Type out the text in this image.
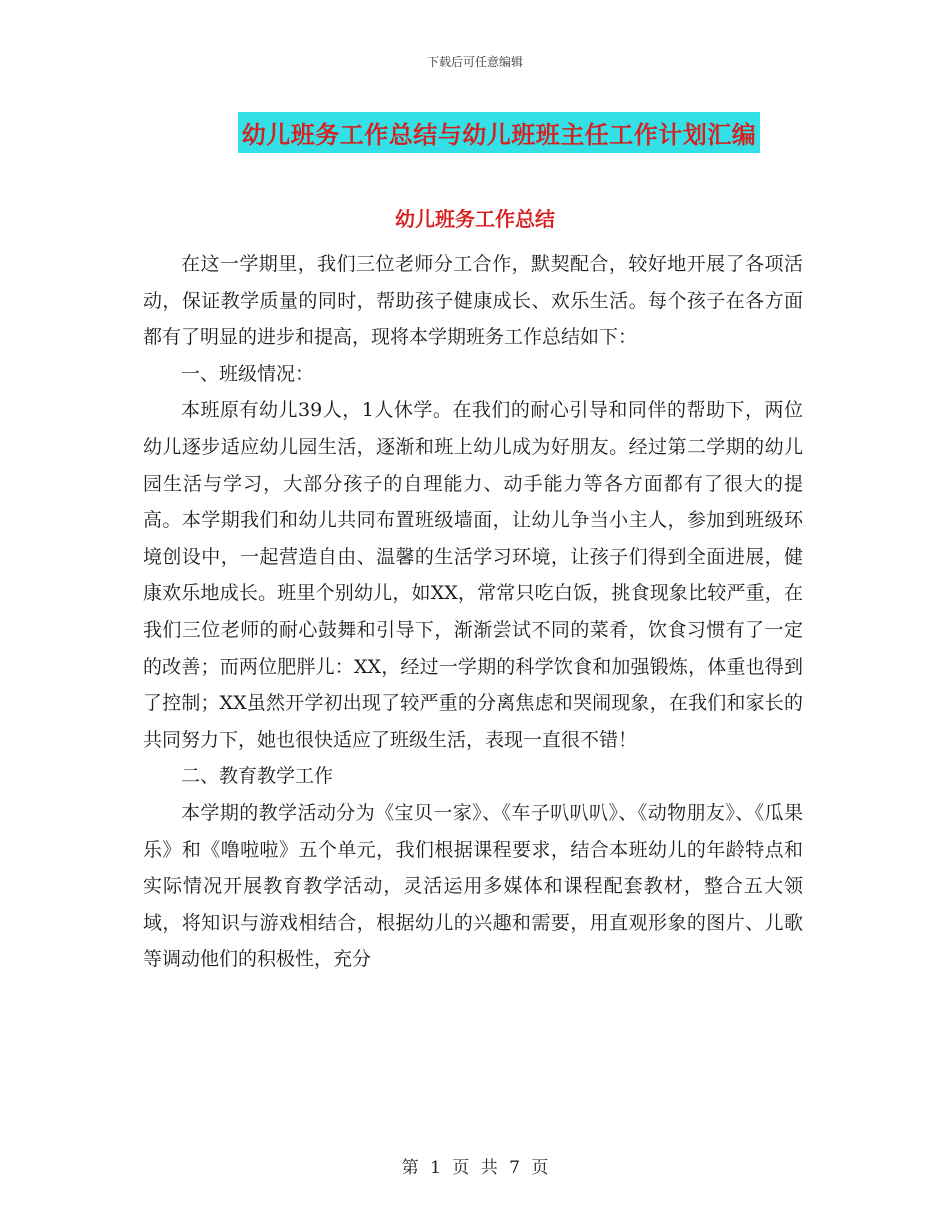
下载后可任意编辑
幼儿班务工作总结与幼儿班班主任工作计划汇编
幼儿班务工作总结

在这一学期里，我们三位老师分工合作，默契配合，较好地开展了各项活动，保证教学质量的同时，帮助孩子健康成长、欢乐生活。每个孩子在各方面都有了明显的进步和提高，现将本学期班务工作总结如下：

一、班级情况：

本班原有幼儿39人，1人休学。在我们的耐心引导和同伴的帮助下，两位幼儿逐步适应幼儿园生活，逐渐和班上幼儿成为好朋友。经过第二学期的幼儿园生活与学习，大部分孩子的自理能力、动手能力等各方面都有了很大的提高。本学期我们和幼儿共同布置班级墙面，让幼儿争当小主人，参加到班级环境创设中，一起营造自由、温馨的生活学习环境，让孩子们得到全面进展，健康欢乐地成长。班里个别幼儿，如XX，常常只吃白饭，挑食现象比较严重，在我们三位老师的耐心鼓舞和引导下，渐渐尝试不同的菜肴，饮食习惯有了一定的改善；而两位肥胖儿：XX，经过一学期的科学饮食和加强锻炼，体重也得到了控制；XX虽然开学初出现了较严重的分离焦虑和哭闹现象，在我们和家长的共同努力下，她也很快适应了班级生活，表现一直很不错！

二、教育教学工作

本学期的教学活动分为《宝贝一家》、《车子叭叭叭》、《动物朋友》、《瓜果乐》和《噜啦啦》五个单元，我们根据课程要求，结合本班幼儿的年龄特点和实际情况开展教育教学活动，灵活运用多媒体和课程配套教材，整合五大领域，将知识与游戏相结合，根据幼儿的兴趣和需要，用直观形象的图片、儿歌等调动他们的积极性，充分

第 1 页 共 7 页
